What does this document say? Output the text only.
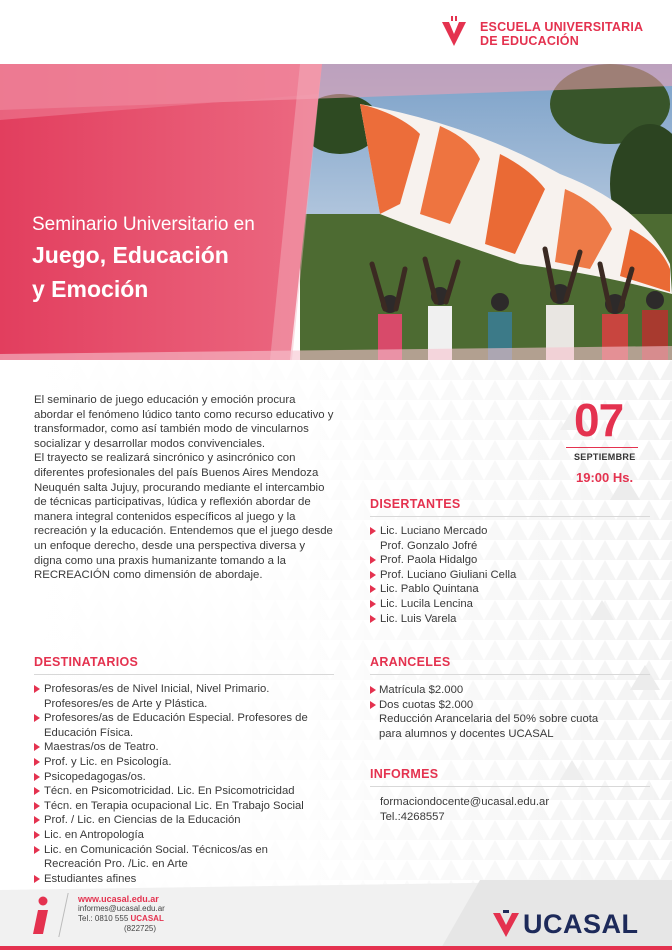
ESCUELA UNIVERSITARIA
DE EDUCACIÓN
Seminario Universitario en
Juego, Educación
y Emoción
07
SEPTIEMBRE
19:00 Hs.

El seminario de juego educación y emoción procura abordar el fenómeno lúdico tanto como recurso educativo y transformador, como así también modo de vincularnos socializar y desarrollar modos convivenciales.

El trayecto se realizará sincrónico y asincrónico con diferentes profesionales del país Buenos Aires Mendoza Neuquén salta Jujuy, procurando mediante el intercambio de técnicas participativas, lúdica y reflexión abordar de manera integral contenidos específicos al juego y la recreación y la educación. Entendemos que el juego desde un enfoque derecho, desde una perspectiva diversa y digna como una praxis humanizante tomando a la RECREACIÓN como dimensión de abordaje.

DISERTANTES
Lic. Luciano Mercado
Prof. Gonzalo Jofré
Prof. Paola Hidalgo
Prof. Luciano Giuliani Cella
Lic. Pablo Quintana
Lic. Lucila Lencina
Lic. Luis Varela
DESTINATARIOS
Profesoras/es de Nivel Inicial, Nivel Primario.
Profesores/es de Arte y Plástica.
Profesores/as de Educación Especial. Profesores de
Educación Física.
Maestras/os de Teatro.
Prof. y Lic. en Psicología.
Psicopedagogas/os.
Técn. en Psicomotricidad. Lic. En Psicomotricidad
Técn. en Terapia ocupacional Lic. En Trabajo Social
Prof. / Lic. en Ciencias de la Educación
Lic. en Antropología
Lic. en Comunicación Social. Técnicos/as en
Recreación Pro. /Lic. en Arte
Estudiantes afines
ARANCELES
Matrícula $2.000
Dos cuotas $2.000
Reducción Arancelaria del 50% sobre cuota
para alumnos y docentes UCASAL
INFORMES
formaciondocente@ucasal.edu.ar
Tel.:4268557
www.ucasal.edu.ar
informes@ucasal.edu.ar
Tel.: 0810 555 UCASAL
(822725)	UCASAL
